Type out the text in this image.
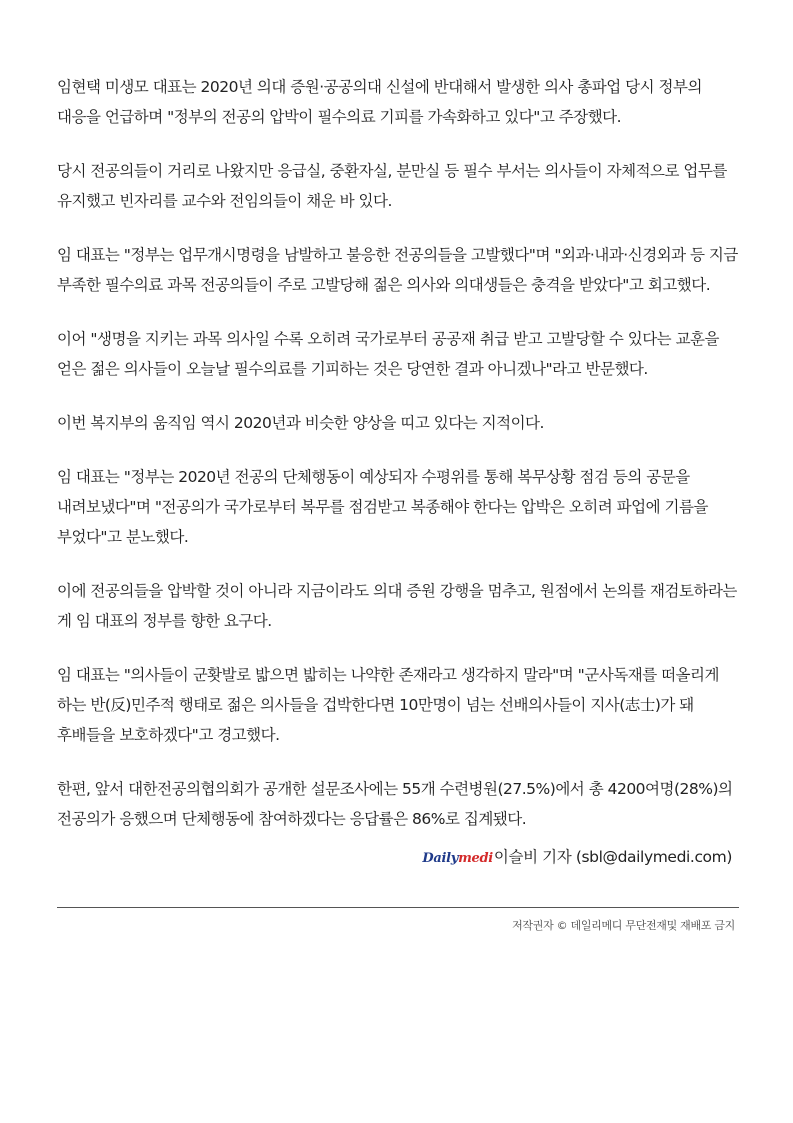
임현택 미생모 대표는 2020년 의대 증원·공공의대 신설에 반대해서 발생한 의사 총파업 당시 정부의 대응을 언급하며 "정부의 전공의 압박이 필수의료 기피를 가속화하고 있다"고 주장했다.

당시 전공의들이 거리로 나왔지만 응급실, 중환자실, 분만실 등 필수 부서는 의사들이 자체적으로 업무를 유지했고 빈자리를 교수와 전임의들이 채운 바 있다.

임 대표는 "정부는 업무개시명령을 남발하고 불응한 전공의들을 고발했다"며 "외과·내과·신경외과 등 지금 부족한 필수의료 과목 전공의들이 주로 고발당해 젊은 의사와 의대생들은 충격을 받았다"고 회고했다.

이어 "생명을 지키는 과목 의사일 수록 오히려 국가로부터 공공재 취급 받고 고발당할 수 있다는 교훈을 얻은 젊은 의사들이 오늘날 필수의료를 기피하는 것은 당연한 결과 아니겠나"라고 반문했다.

이번 복지부의 움직임 역시 2020년과 비슷한 양상을 띠고 있다는 지적이다.

임 대표는 "정부는 2020년 전공의 단체행동이 예상되자 수평위를 통해 복무상황 점검 등의 공문을 내려보냈다"며 "전공의가 국가로부터 복무를 점검받고 복종해야 한다는 압박은 오히려 파업에 기름을 부었다"고 분노했다.

이에 전공의들을 압박할 것이 아니라 지금이라도 의대 증원 강행을 멈추고, 원점에서 논의를 재검토하라는 게 임 대표의 정부를 향한 요구다.

임 대표는 "의사들이 군홧발로 밟으면 밟히는 나약한 존재라고 생각하지 말라"며 "군사독재를 떠올리게 하는 반(反)민주적 행태로 젊은 의사들을 겁박한다면 10만명이 넘는 선배의사들이 지사(志士)가 돼 후배들을 보호하겠다"고 경고했다.

한편, 앞서 대한전공의협의회가 공개한 설문조사에는 55개 수련병원(27.5%)에서 총 4200여명(28%)의 전공의가 응했으며 단체행동에 참여하겠다는 응답률은 86%로 집계됐다.

Daily medi 이슬비 기자 (sbl@dailymedi.com)
저작권자 © 데일리메디 무단전재및 재배포 금지
